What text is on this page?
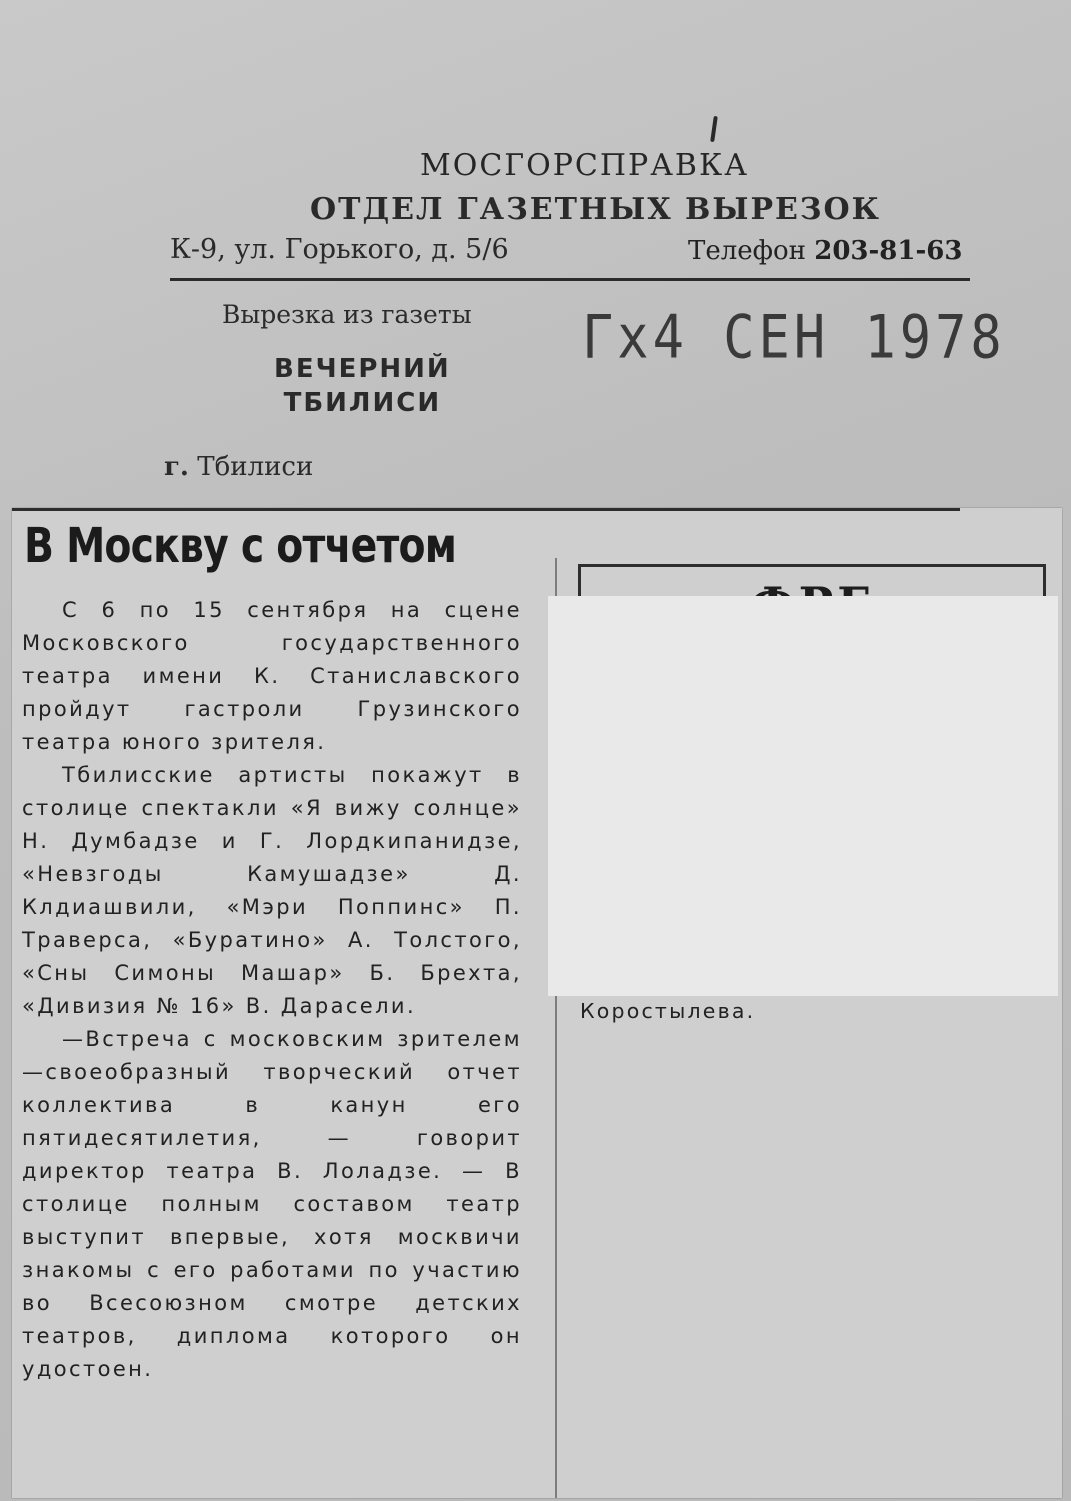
МОСГОРСПРАВКА
ОТДЕЛ ГАЗЕТНЫХ ВЫРЕЗОК
К-9, ул. Горького, д. 5/6	Телефон 203-81-63
Вырезка из газеты
ВЕЧЕРНИЙ
ТБИЛИСИ
г. Тбилиси
Гх4 СЕН 1978
В Москву с отчетом

С 6 по 15 сентября на сцене Московского государственного театра имени К. Станиславского пройдут гастроли Грузинского театра юного зрителя.

Тбилисские артисты покажут в столице спектакли «Я вижу солнце» Н. Думбадзе и Г. Лордкипанидзе, «Невзгоды Камушадзе» Д. Клдиашвили, «Мэри Поппинс» П. Траверса, «Буратино» А. Толстого, «Сны Симоны Машар» Б. Брехта, «Дивизия № 16» В. Дарасели.

—Встреча с московским зрителем—своеобразный творческий отчет коллектива в канун его пятидесятилетия, — говорит директор театра В. Лоладзе. — В столице полным составом театр выступит впервые, хотя москвичи знакомы с его работами по участию во Всесоюзном смотре детских театров, диплома которого он удостоен.

Коростылева.
